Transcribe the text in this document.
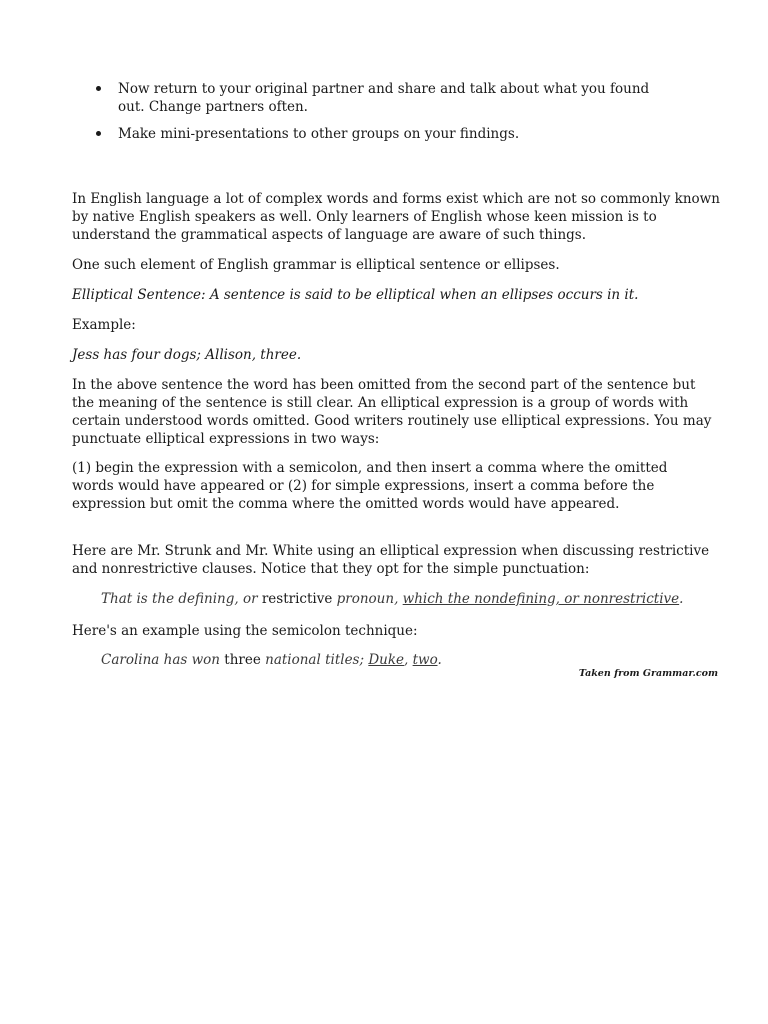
Now return to your original partner and share and talk about what you found out. Change partners often.
Make mini-presentations to other groups on your findings.

In English language a lot of complex words and forms exist which are not so commonly known by native English speakers as well. Only learners of English whose keen mission is to understand the grammatical aspects of language are aware of such things.

One such element of English grammar is elliptical sentence or ellipses.

Elliptical Sentence: A sentence is said to be elliptical when an ellipses occurs in it.

Example:

Jess has four dogs; Allison, three.

In the above sentence the word has been omitted from the second part of the sentence but the meaning of the sentence is still clear. An elliptical expression is a group of words with certain understood words omitted. Good writers routinely use elliptical expressions. You may punctuate elliptical expressions in two ways:

(1) begin the expression with a semicolon, and then insert a comma where the omitted words would have appeared or (2) for simple expressions, insert a comma before the expression but omit the comma where the omitted words would have appeared.

Here are Mr. Strunk and Mr. White using an elliptical expression when discussing restrictive and nonrestrictive clauses. Notice that they opt for the simple punctuation:

That is the defining, or restrictive pronoun, which the nondefining, or nonrestrictive.

Here's an example using the semicolon technique:

Carolina has won three national titles; Duke, two.

Taken from Grammar.com
